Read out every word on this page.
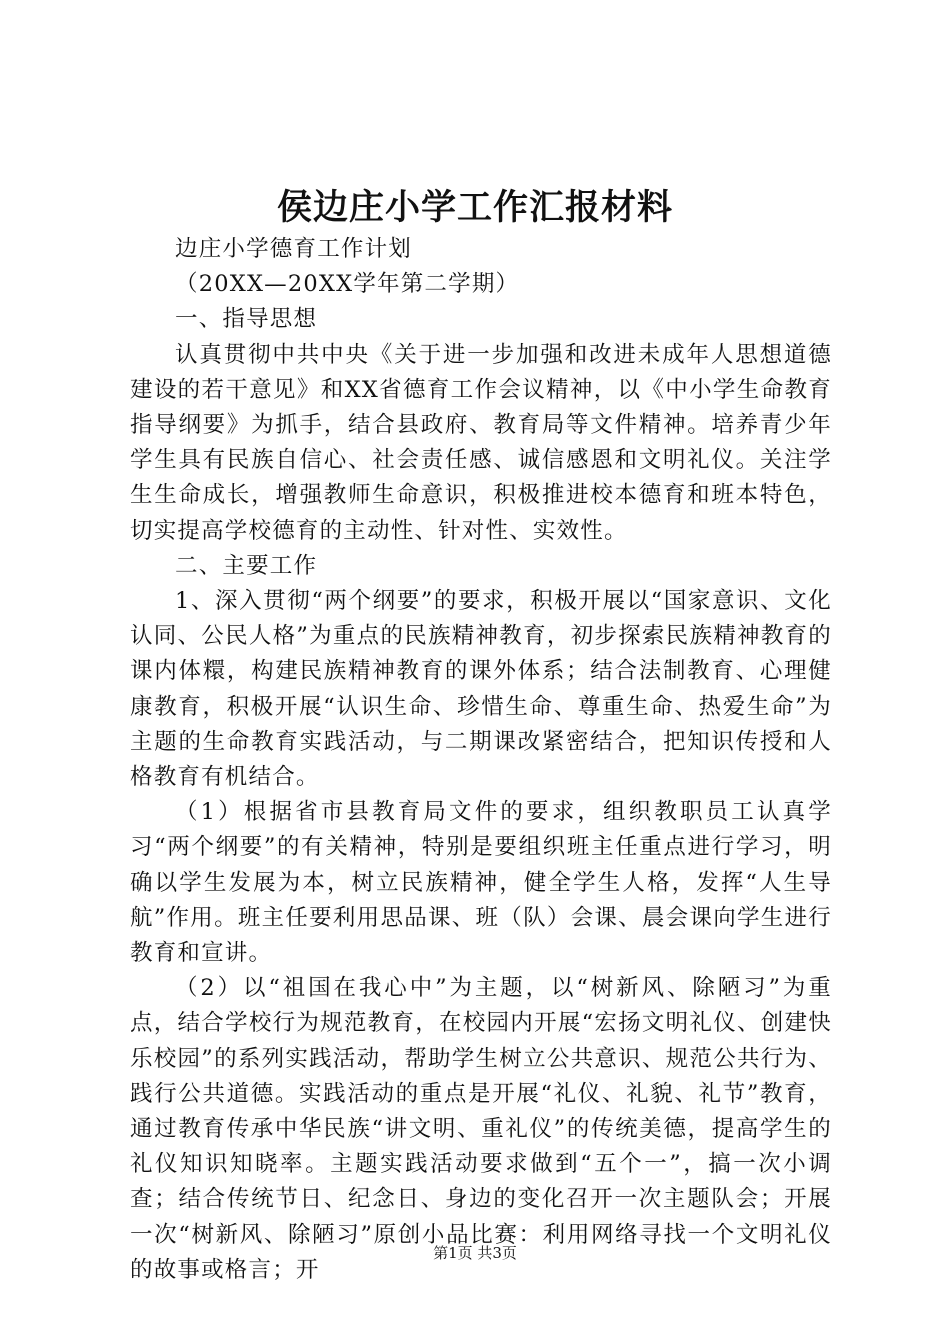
侯边庄小学工作汇报材料

边庄小学德育工作计划

（20XX—20XX学年第二学期）

一、指导思想

认真贯彻中共中央《关于进一步加强和改进未成年人思想道德建设的若干意见》和XX省德育工作会议精神，以《中小学生命教育指导纲要》为抓手，结合县政府、教育局等文件精神。培养青少年学生具有民族自信心、社会责任感、诚信感恩和文明礼仪。关注学生生命成长，增强教师生命意识，积极推进校本德育和班本特色，切实提高学校德育的主动性、针对性、实效性。

二、主要工作

1、深入贯彻“两个纲要”的要求，积极开展以“国家意识、文化认同、公民人格”为重点的民族精神教育，初步探索民族精神教育的课内体糫，构建民族精神教育的课外体系；结合法制教育、心理健康教育，积极开展“认识生命、珍惜生命、尊重生命、热爱生命”为主题的生命教育实践活动，与二期课改紧密结合，把知识传授和人格教育有机结合。

（1）根据省市县教育局文件的要求，组织教职员工认真学习“两个纲要”的有关精神，特别是要组织班主任重点进行学习，明确以学生发展为本，树立民族精神，健全学生人格，发挥“人生导航”作用。班主任要利用思品课、班（队）会课、晨会课向学生进行教育和宣讲。

（2）以“祖国在我心中”为主题，以“树新风、除陋习”为重点，结合学校行为规范教育，在校园内开展“宏扬文明礼仪、创建快乐校园”的系列实践活动，帮助学生树立公共意识、规范公共行为、践行公共道德。实践活动的重点是开展“礼仪、礼貌、礼节”教育，通过教育传承中华民族“讲文明、重礼仪”的传统美德，提高学生的礼仪知识知晓率。主题实践活动要求做到“五个一”，搞一次小调查；结合传统节日、纪念日、身边的变化召开一次主题队会；开展一次“树新风、除陋习”原创小品比赛：利用网络寻找一个文明礼仪的故事或格言；开

第1页 共3页
